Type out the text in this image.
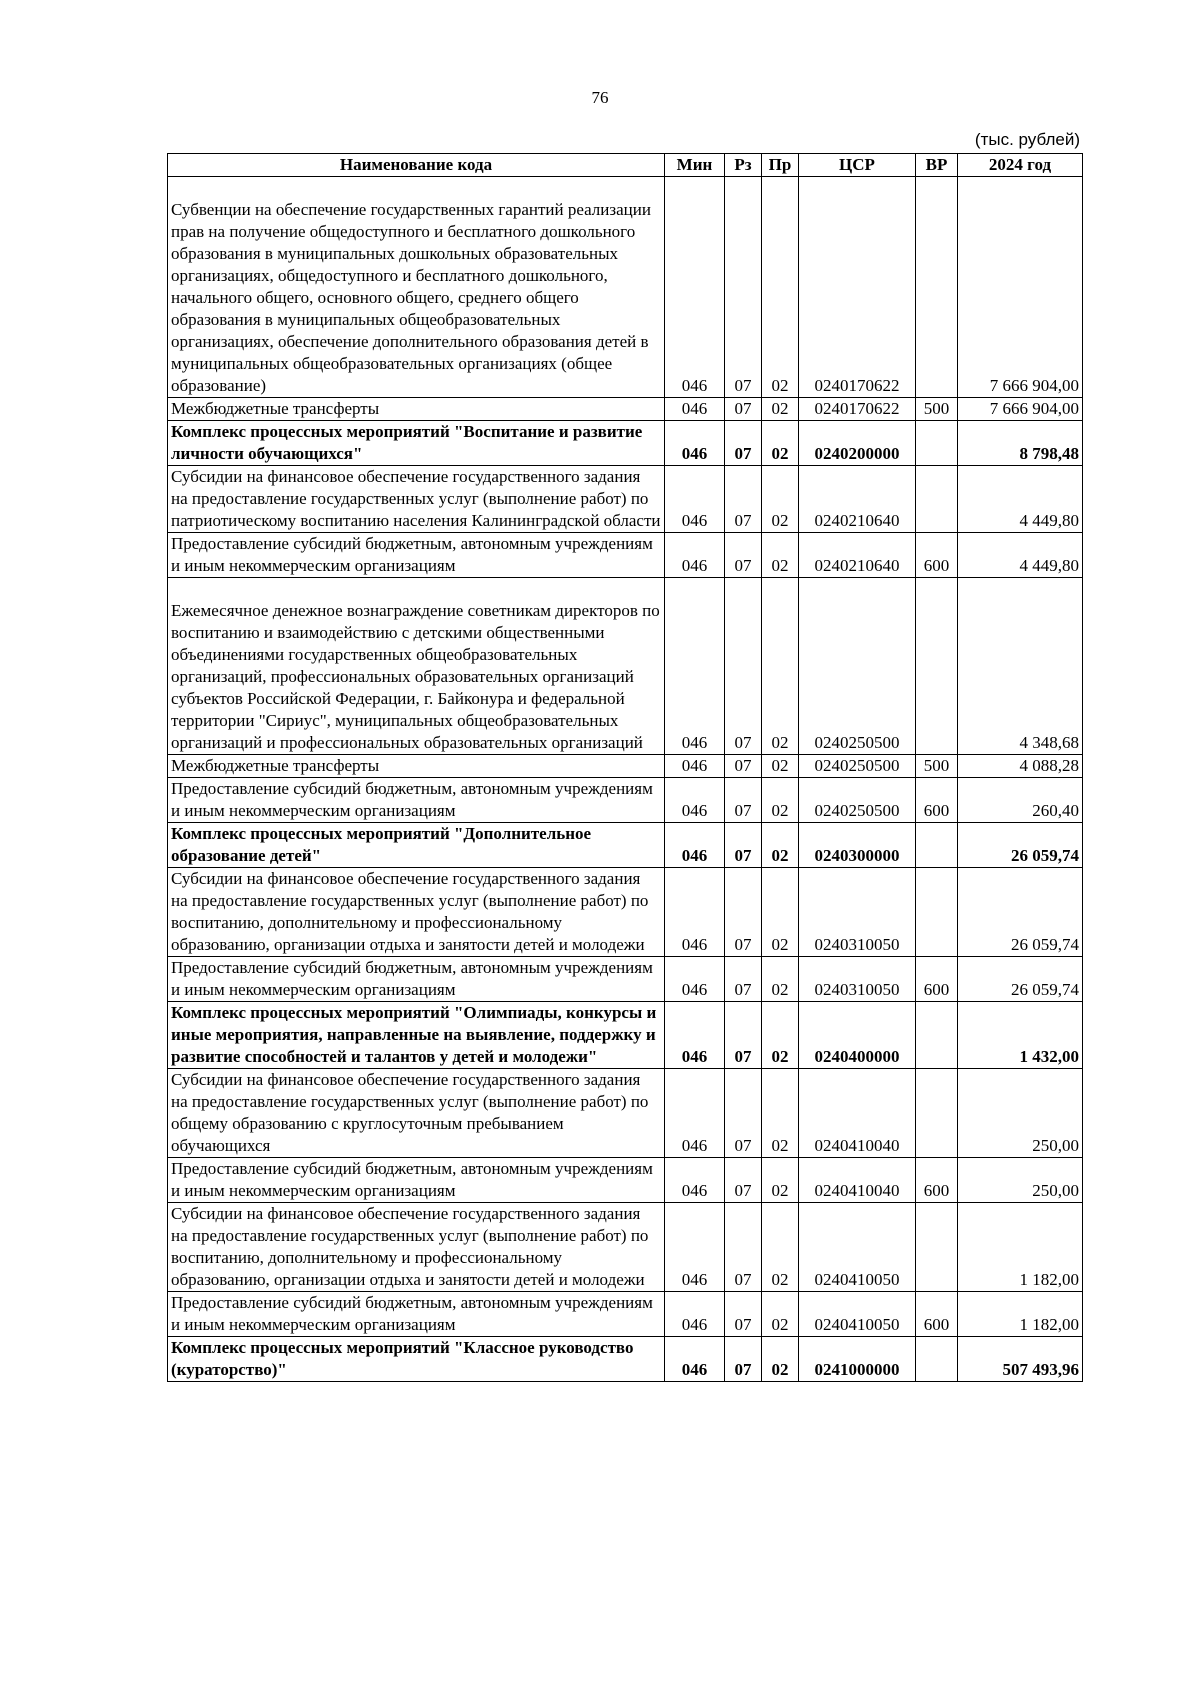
76
(тыс. рублей)
Наименование кода	Мин	Рз	Пр	ЦСР	ВР	2024 год
Субвенции на обеспечение государственных гарантий реализации прав на получение общедоступного и бесплатного дошкольного образования в муниципальных дошкольных образовательных организациях, общедоступного и бесплатного дошкольного, начального общего, основного общего, среднего общего образования в муниципальных общеобразовательных организациях, обеспечение дополнительного образования детей в муниципальных общеобразовательных организациях (общее образование)	046	07	02	0240170622		7 666 904,00
Межбюджетные трансферты	046	07	02	0240170622	500	7 666 904,00
Комплекс процессных мероприятий "Воспитание и развитие личности обучающихся"	046	07	02	0240200000		8 798,48
Субсидии на финансовое обеспечение государственного задания на предоставление государственных услуг (выполнение работ) по патриотическому воспитанию населения Калининградской области	046	07	02	0240210640		4 449,80
Предоставление субсидий бюджетным, автономным учреждениям и иным некоммерческим организациям	046	07	02	0240210640	600	4 449,80
Ежемесячное денежное вознаграждение советникам директоров по воспитанию и взаимодействию с детскими общественными объединениями государственных общеобразовательных организаций, профессиональных образовательных организаций субъектов Российской Федерации, г. Байконура и федеральной территории "Сириус", муниципальных общеобразовательных организаций и профессиональных образовательных организаций	046	07	02	0240250500		4 348,68
Межбюджетные трансферты	046	07	02	0240250500	500	4 088,28
Предоставление субсидий бюджетным, автономным учреждениям и иным некоммерческим организациям	046	07	02	0240250500	600	260,40
Комплекс процессных мероприятий "Дополнительное образование детей"	046	07	02	0240300000		26 059,74
Субсидии на финансовое обеспечение государственного задания на предоставление государственных услуг (выполнение работ) по воспитанию, дополнительному и профессиональному образованию, организации отдыха и занятости детей и молодежи	046	07	02	0240310050		26 059,74
Предоставление субсидий бюджетным, автономным учреждениям и иным некоммерческим организациям	046	07	02	0240310050	600	26 059,74
Комплекс процессных мероприятий "Олимпиады, конкурсы и иные мероприятия, направленные на выявление, поддержку и развитие способностей и талантов у детей и молодежи"	046	07	02	0240400000		1 432,00
Субсидии на финансовое обеспечение государственного задания на предоставление государственных услуг (выполнение работ) по общему образованию с круглосуточным пребыванием обучающихся	046	07	02	0240410040		250,00
Предоставление субсидий бюджетным, автономным учреждениям и иным некоммерческим организациям	046	07	02	0240410040	600	250,00
Субсидии на финансовое обеспечение государственного задания на предоставление государственных услуг (выполнение работ) по воспитанию, дополнительному и профессиональному образованию, организации отдыха и занятости детей и молодежи	046	07	02	0240410050		1 182,00
Предоставление субсидий бюджетным, автономным учреждениям и иным некоммерческим организациям	046	07	02	0240410050	600	1 182,00
Комплекс процессных мероприятий "Классное руководство (кураторство)"	046	07	02	0241000000		507 493,96
